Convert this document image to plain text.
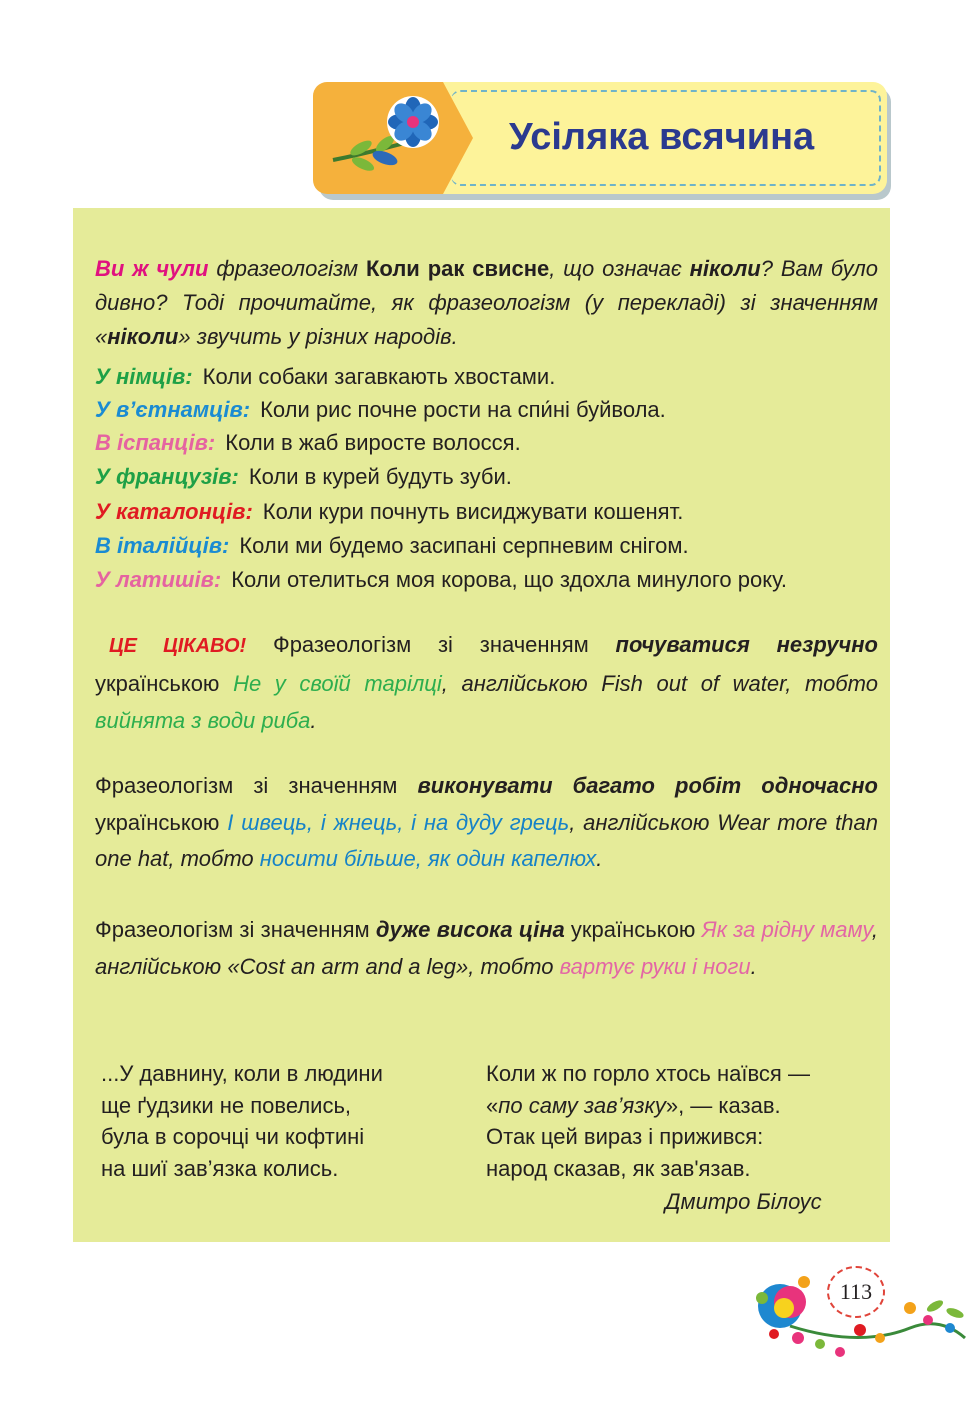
Усіляка всячина
Ви ж чули фразеологізм Коли рак свисне, що означає ніколи? Вам було дивно? Тоді прочитайте, як фразеологізм (у перекладі) зі значенням «ніколи» звучить у різних народів.
У німців: Коли собаки загавкають хвостами.
У в’єтнамців: Коли рис почне рости на спи́ні буйвола.
В іспанців: Коли в жаб виросте волосся.
У французів: Коли в курей будуть зуби.
У каталонців: Коли кури почнуть висиджувати кошенят.
В італійців: Коли ми будемо засипані серпневим снігом.
У латишів: Коли отелиться моя корова, що здохла минулого року.
ЦЕ ЦІКАВО! Фразеологізм зі значенням почуватися незручно українською Не у своїй тарілці, англійською Fish out of water, тобто вийнята з води риба.
Фразеологізм зі значенням виконувати багато робіт одночасно українською І швець, і жнець, і на дуду грець, англійською Wear more than one hat, тобто носити більше, як один капелюх.
Фразеологізм зі значенням дуже висока ціна українською Як за рідну маму, англійською «Cost an arm and a leg», тобто вартує руки і ноги.
...У давнину, коли в людини
ще ґудзики не повелись,
була в сорочці чи кофтині
на шиї зав’язка колись.
Коли ж по горло хтось наївся —
«по саму зав’язку», — казав.
Отак цей вираз і прижився:
народ сказав, як зав'язав.
Дмитро Білоус
113
